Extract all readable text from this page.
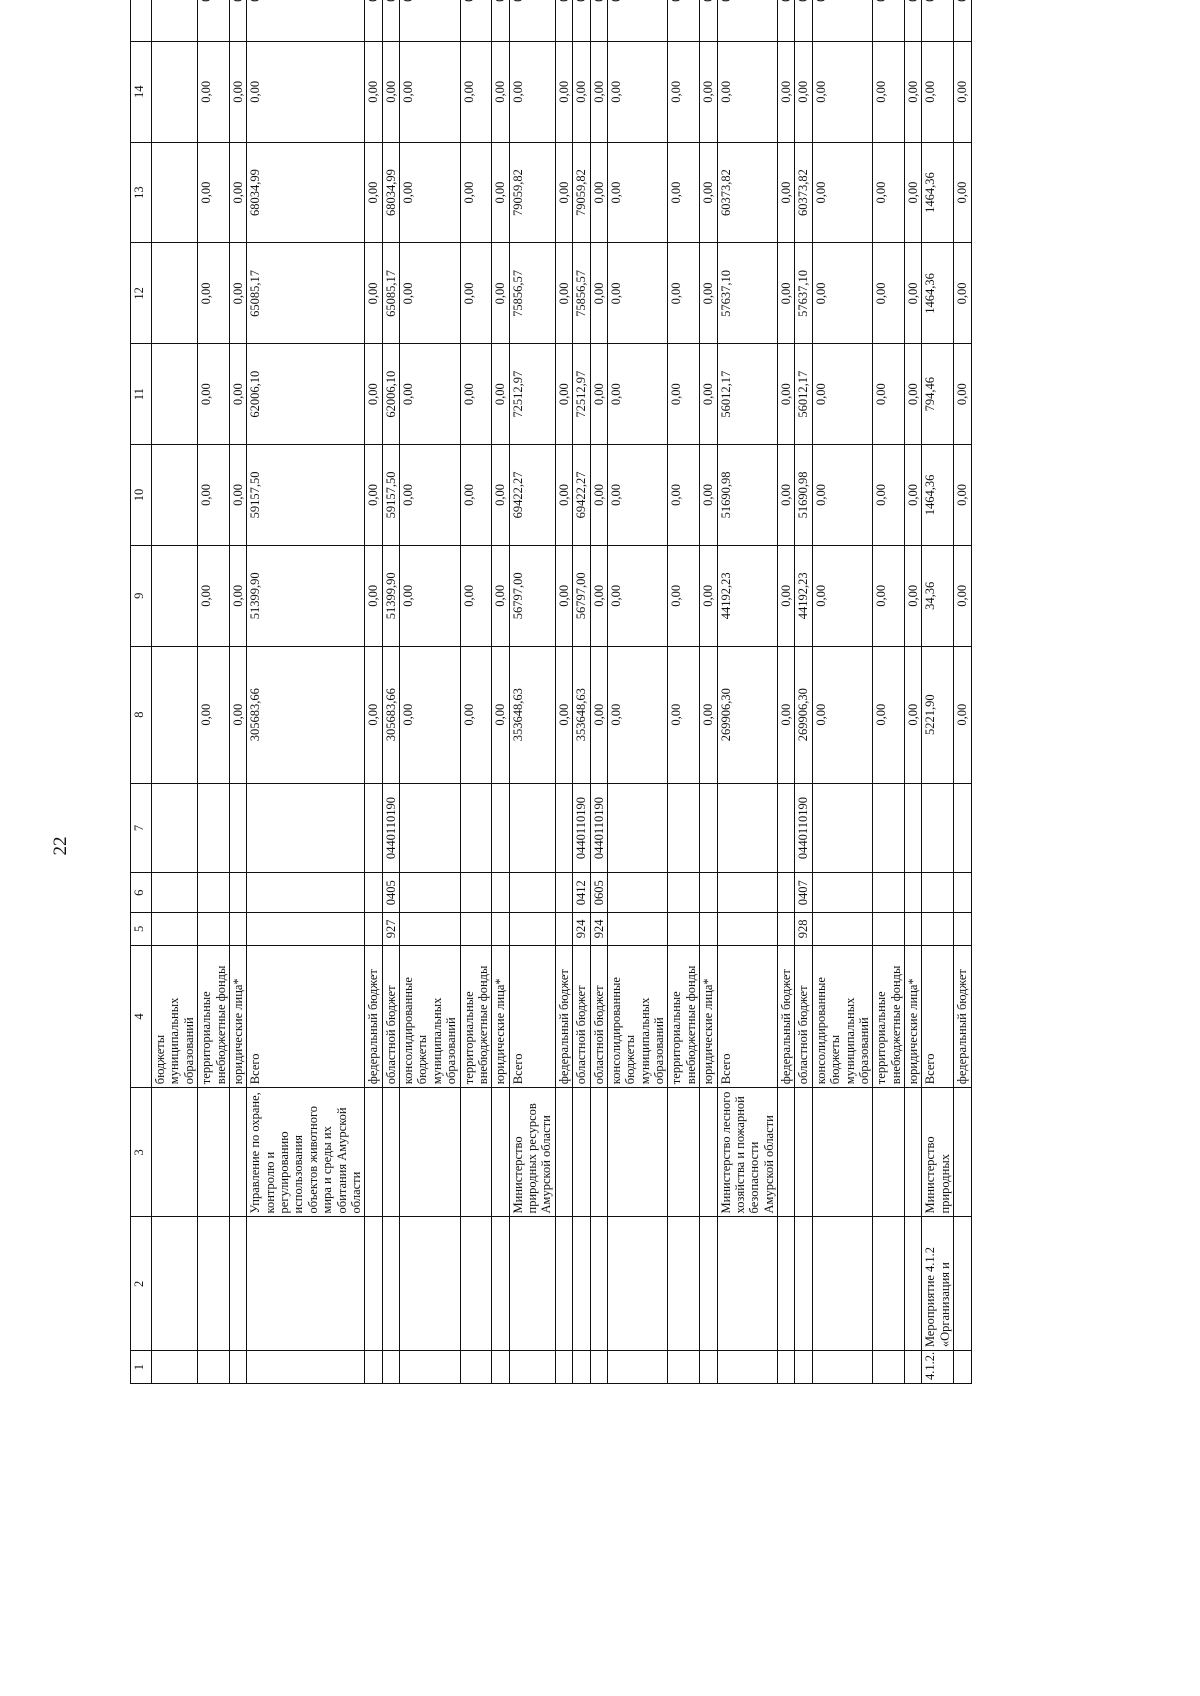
22
1	2	3	4	5	6	7	8	9	10	11	12	13	14	
			бюджеты муниципальных образований											
			территориальные внебюджетные фонды				0,00	0,00	0,00	0,00	0,00	0,00	0,00	
			юридические лица*				0,00	0,00	0,00	0,00	0,00	0,00	0,00	
		Управление по охране, контролю и регулированию использования объектов животного мира и среды их обитания Амурской области	Всего				305683,66	51399,90	59157,50	62006,10	65085,17	68034,99	0,00	
			федеральный бюджет				0,00	0,00	0,00	0,00	0,00	0,00	0,00	
			областной бюджет	927	0405	0440110190	305683,66	51399,90	59157,50	62006,10	65085,17	68034,99	0,00	
			консолидированные бюджеты муниципальных образований				0,00	0,00	0,00	0,00	0,00	0,00	0,00	
			территориальные внебюджетные фонды				0,00	0,00	0,00	0,00	0,00	0,00	0,00	
			юридические лица*				0,00	0,00	0,00	0,00	0,00	0,00	0,00	
		Министерство природных ресурсов Амурской области	Всего				353648,63	56797,00	69422,27	72512,97	75856,57	79059,82	0,00	
			федеральный бюджет				0,00	0,00	0,00	0,00	0,00	0,00	0,00	
			областной бюджет	924	0412	0440110190	353648,63	56797,00	69422,27	72512,97	75856,57	79059,82	0,00	
			областной бюджет	924	0605	0440110190	0,00	0,00	0,00	0,00	0,00	0,00	0,00	
			консолидированные бюджеты муниципальных образований				0,00	0,00	0,00	0,00	0,00	0,00	0,00	
			территориальные внебюджетные фонды				0,00	0,00	0,00	0,00	0,00	0,00	0,00	
			юридические лица*				0,00	0,00	0,00	0,00	0,00	0,00	0,00	
		Министерство лесного хозяйства и пожарной безопасности Амурской области	Всего				269906,30	44192,23	51690,98	56012,17	57637,10	60373,82	0,00	
			федеральный бюджет				0,00	0,00	0,00	0,00	0,00	0,00	0,00	
			областной бюджет	928	0407	0440110190	269906,30	44192,23	51690,98	56012,17	57637,10	60373,82	0,00	
			консолидированные бюджеты муниципальных образований				0,00	0,00	0,00	0,00	0,00	0,00	0,00	
			территориальные внебюджетные фонды				0,00	0,00	0,00	0,00	0,00	0,00	0,00	
			юридические лица*				0,00	0,00	0,00	0,00	0,00	0,00	0,00	
4.1.2.	Мероприятие 4.1.2 «Организация и	Министерство природных	Всего				5221,90	34,36	1464,36	794,46	1464,36	1464,36	0,00	
			федеральный бюджет				0,00	0,00	0,00	0,00	0,00	0,00	0,00	
